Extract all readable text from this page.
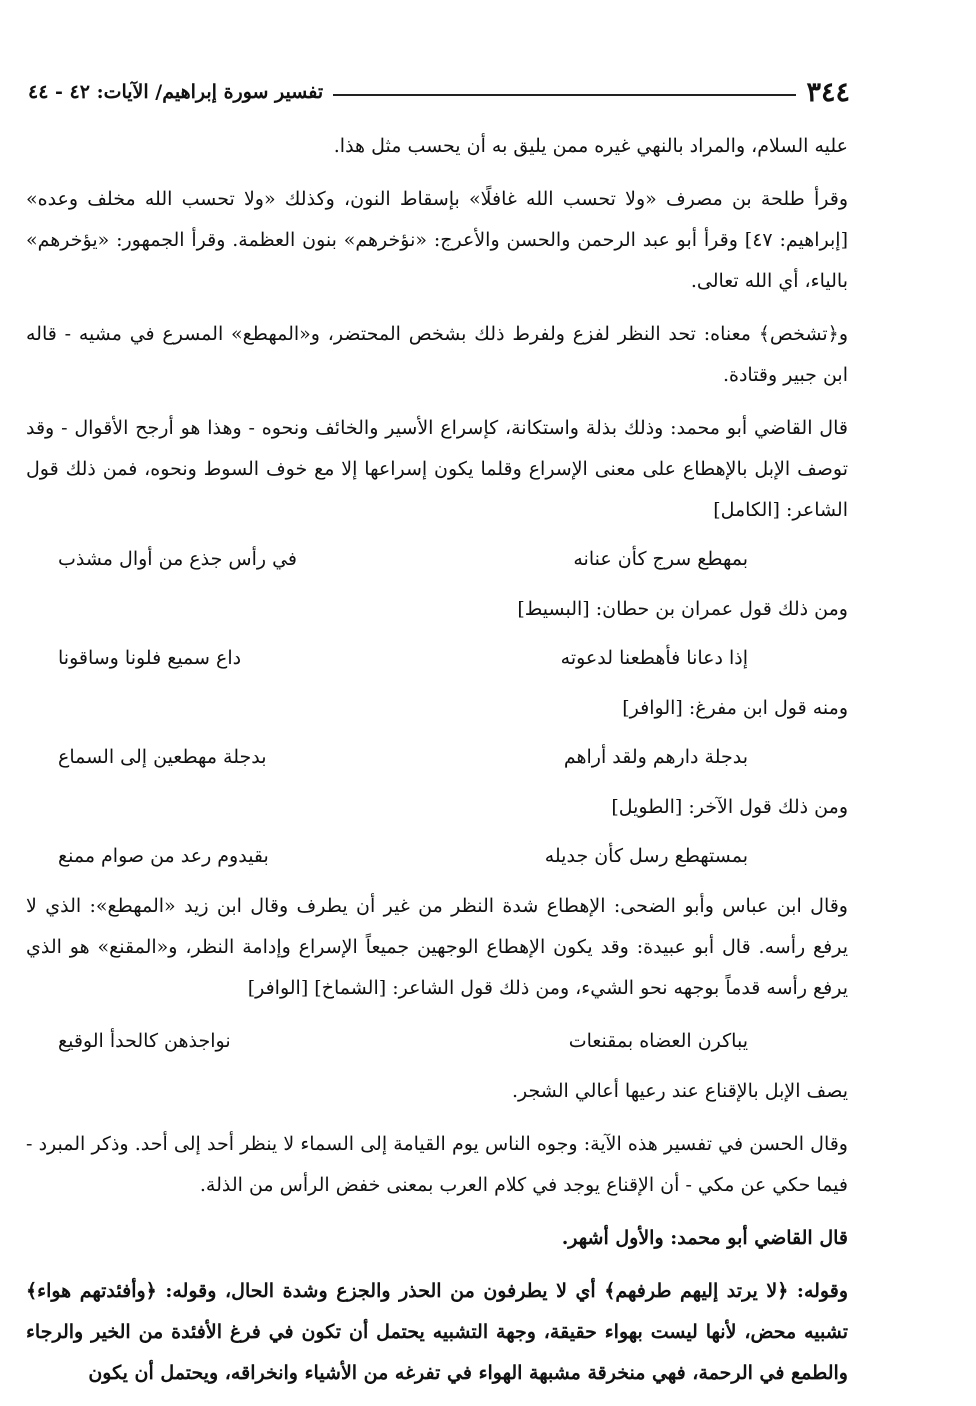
٣٤٤
تفسير سورة إبراهيم/ الآيات: ٤٢ - ٤٤

عليه السلام، والمراد بالنهي غيره ممن يليق به أن يحسب مثل هذا.

وقرأ طلحة بن مصرف «ولا تحسب الله غافلًا» بإسقاط النون، وكذلك «ولا تحسب الله مخلف وعده» [إبراهيم: ٤٧] وقرأ أبو عبد الرحمن والحسن والأعرج: «نؤخرهم» بنون العظمة. وقرأ الجمهور: «يؤخرهم» بالياء، أي الله تعالى.

و﴿تشخص﴾ معناه: تحد النظر لفزع ولفرط ذلك بشخص المحتضر، و«المهطع» المسرع في مشيه - قاله ابن جبير وقتادة.

قال القاضي أبو محمد: وذلك بذلة واستكانة، كإسراع الأسير والخائف ونحوه - وهذا هو أرجح الأقوال - وقد توصف الإبل بالإهطاع على معنى الإسراع وقلما يكون إسراعها إلا مع خوف السوط ونحوه، فمن ذلك قول الشاعر: [الكامل]

بمهطع سرج كأن عنانه
في رأس جذع من أوال مشذب

ومن ذلك قول عمران بن حطان: [البسيط]

إذا دعانا فأهطعنا لدعوته
داع سميع فلونا وساقونا

ومنه قول ابن مفرغ: [الوافر]

بدجلة دارهم ولقد أراهم
بدجلة مهطعين إلى السماع

ومن ذلك قول الآخر: [الطويل]

بمستهطع رسل كأن جديله
بقيدوم رعد من صوام ممنع

وقال ابن عباس وأبو الضحى: الإهطاع شدة النظر من غير أن يطرف وقال ابن زيد «المهطع»: الذي لا يرفع رأسه. قال أبو عبيدة: وقد يكون الإهطاع الوجهين جميعاً الإسراع وإدامة النظر، و«المقنع» هو الذي يرفع رأسه قدماً بوجهه نحو الشيء، ومن ذلك قول الشاعر: [الشماخ] [الوافر]

يباكرن العضاه بمقنعات
نواجذهن كالحدأ الوقيع

يصف الإبل بالإقناع عند رعيها أعالي الشجر.

وقال الحسن في تفسير هذه الآية: وجوه الناس يوم القيامة إلى السماء لا ينظر أحد إلى أحد. وذكر المبرد - فيما حكي عن مكي - أن الإقناع يوجد في كلام العرب بمعنى خفض الرأس من الذلة.

قال القاضي أبو محمد: والأول أشهر.

وقوله: ﴿لا يرتد إليهم طرفهم﴾ أي لا يطرفون من الحذر والجزع وشدة الحال، وقوله: ﴿وأفئدتهم هواء﴾ تشبيه محض، لأنها ليست بهواء حقيقة، وجهة التشبيه يحتمل أن تكون في فرغ الأفئدة من الخير والرجاء والطمع في الرحمة، فهي منخرقة مشبهة الهواء في تفرغه من الأشياء وانخراقه، ويحتمل أن يكون
